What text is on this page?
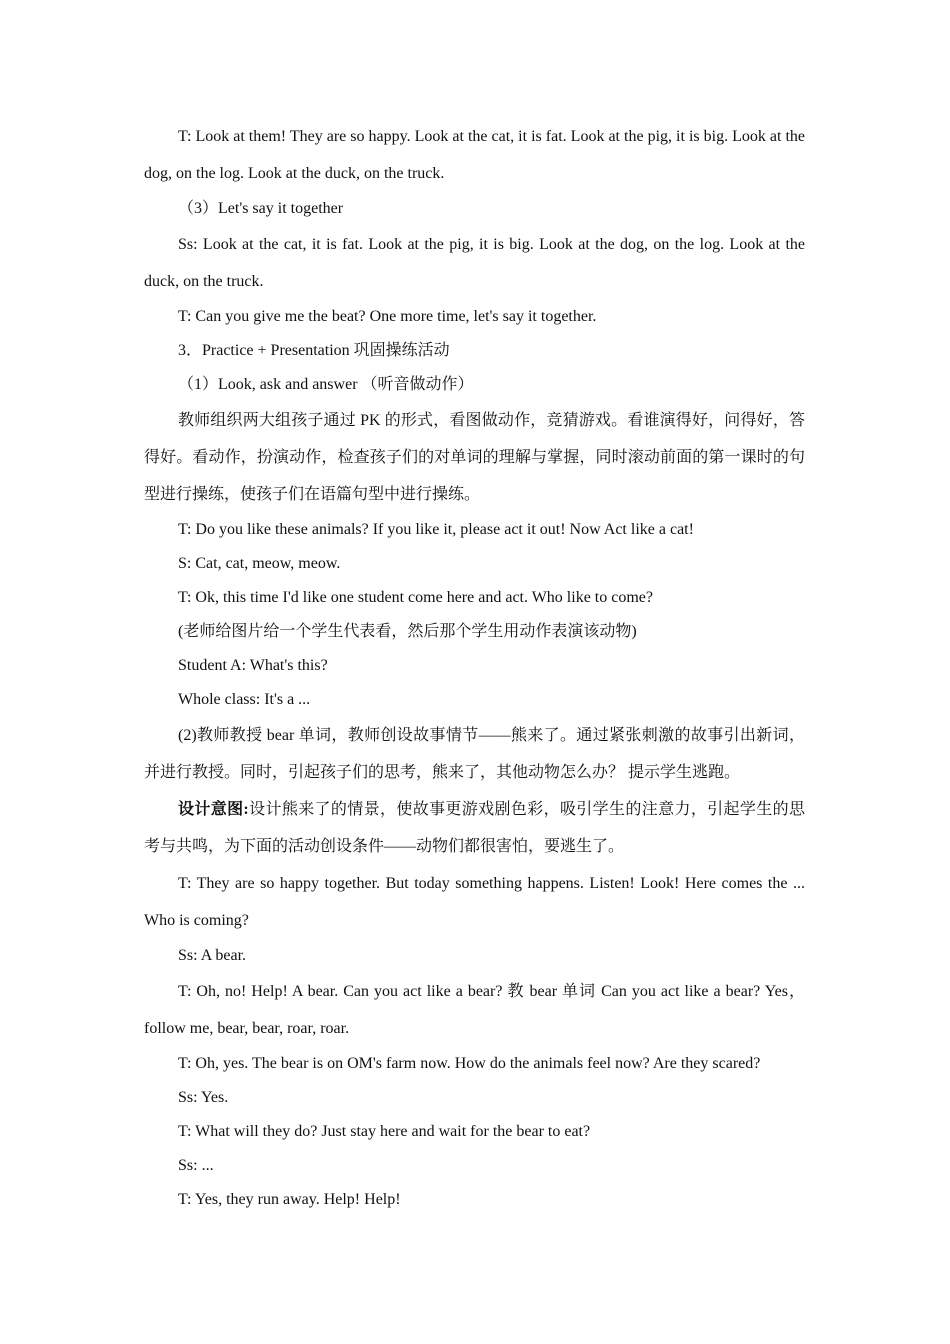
T: Look at them! They are so happy. Look at the cat, it is fat. Look at the pig, it is big. Look at the dog, on the log. Look at the duck, on the truck.

（3）Let's say it together

Ss: Look at the cat, it is fat. Look at the pig, it is big. Look at the dog, on the log. Look at the duck, on the truck.

T: Can you give me the beat? One more time, let's say it together.

3．Practice + Presentation 巩固操练活动

（1）Look, ask and answer （听音做动作）

教师组织两大组孩子通过 PK 的形式，看图做动作，竞猜游戏。看谁演得好，问得好，答得好。看动作，扮演动作，检查孩子们的对单词的理解与掌握，同时滚动前面的第一课时的句型进行操练，使孩子们在语篇句型中进行操练。

T: Do you like these animals? If you like it, please act it out! Now Act like a cat!

S: Cat, cat, meow, meow.

T: Ok, this time I'd like one student come here and act. Who like to come?

(老师给图片给一个学生代表看，然后那个学生用动作表演该动物)

Student A: What's this?

Whole class: It's a ...

(2)教师教授 bear 单词，教师创设故事情节——熊来了。通过紧张刺激的故事引出新词，并进行教授。同时，引起孩子们的思考，熊来了，其他动物怎么办？ 提示学生逃跑。

设计意图:设计熊来了的情景，使故事更游戏剧色彩，吸引学生的注意力，引起学生的思考与共鸣，为下面的活动创设条件——动物们都很害怕，要逃生了。

T: They are so happy together. But today something happens. Listen! Look! Here comes the ... Who is coming?

Ss: A bear.

T: Oh, no! Help! A bear. Can you act like a bear? 教 bear 单词 Can you act like a bear? Yes，follow me, bear, bear, roar, roar.

T: Oh, yes. The bear is on OM's farm now. How do the animals feel now? Are they scared?

Ss: Yes.

T: What will they do? Just stay here and wait for the bear to eat?

Ss: ...

T: Yes, they run away. Help! Help!
